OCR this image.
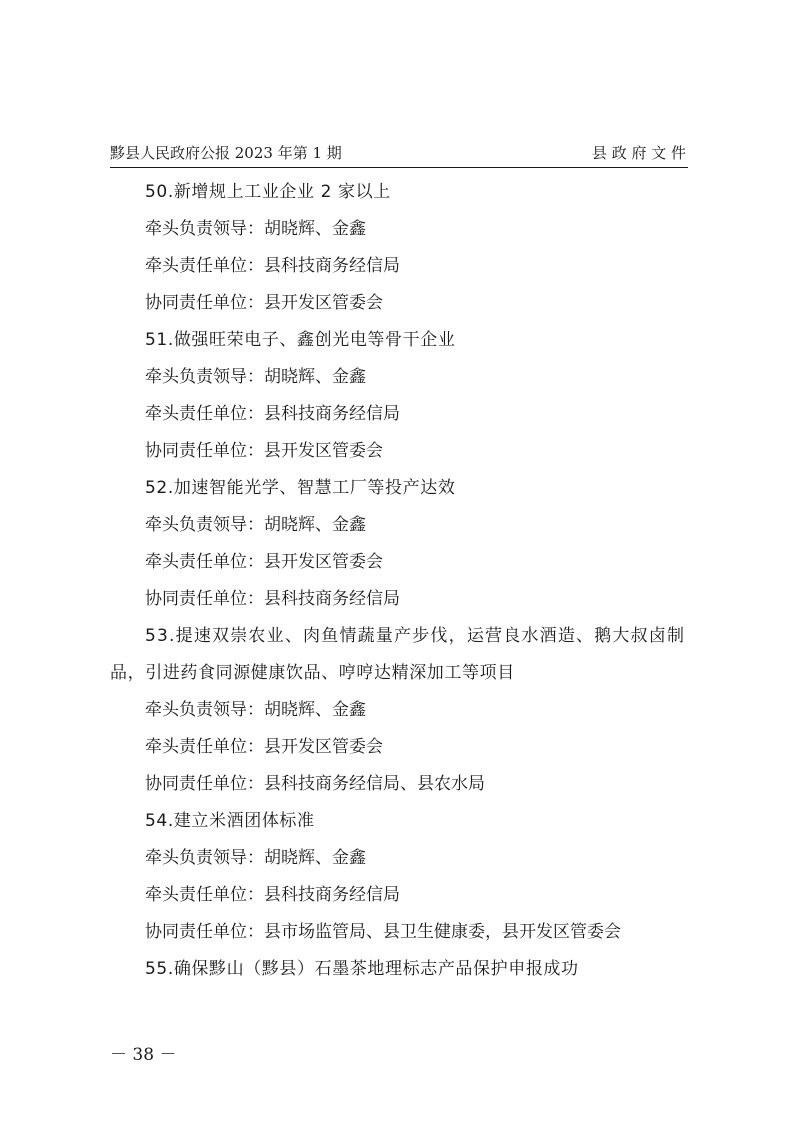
黟县人民政府公报 2023 年第 1 期	县 政 府 文 件
50.新增规上工业企业 2 家以上
牵头负责领导：胡晓辉、金鑫
牵头责任单位：县科技商务经信局
协同责任单位：县开发区管委会
51.做强旺荣电子、鑫创光电等骨干企业
牵头负责领导：胡晓辉、金鑫
牵头责任单位：县科技商务经信局
协同责任单位：县开发区管委会
52.加速智能光学、智慧工厂等投产达效
牵头负责领导：胡晓辉、金鑫
牵头责任单位：县开发区管委会
协同责任单位：县科技商务经信局
53.提速双崇农业、肉鱼情蔬量产步伐，运营良水酒造、鹅大叔卤制
品，引进药食同源健康饮品、哼哼达精深加工等项目
牵头负责领导：胡晓辉、金鑫
牵头责任单位：县开发区管委会
协同责任单位：县科技商务经信局、县农水局
54.建立米酒团体标准
牵头负责领导：胡晓辉、金鑫
牵头责任单位：县科技商务经信局
协同责任单位：县市场监管局、县卫生健康委，县开发区管委会
55.确保黟山（黟县）石墨茶地理标志产品保护申报成功
－ 38 －
